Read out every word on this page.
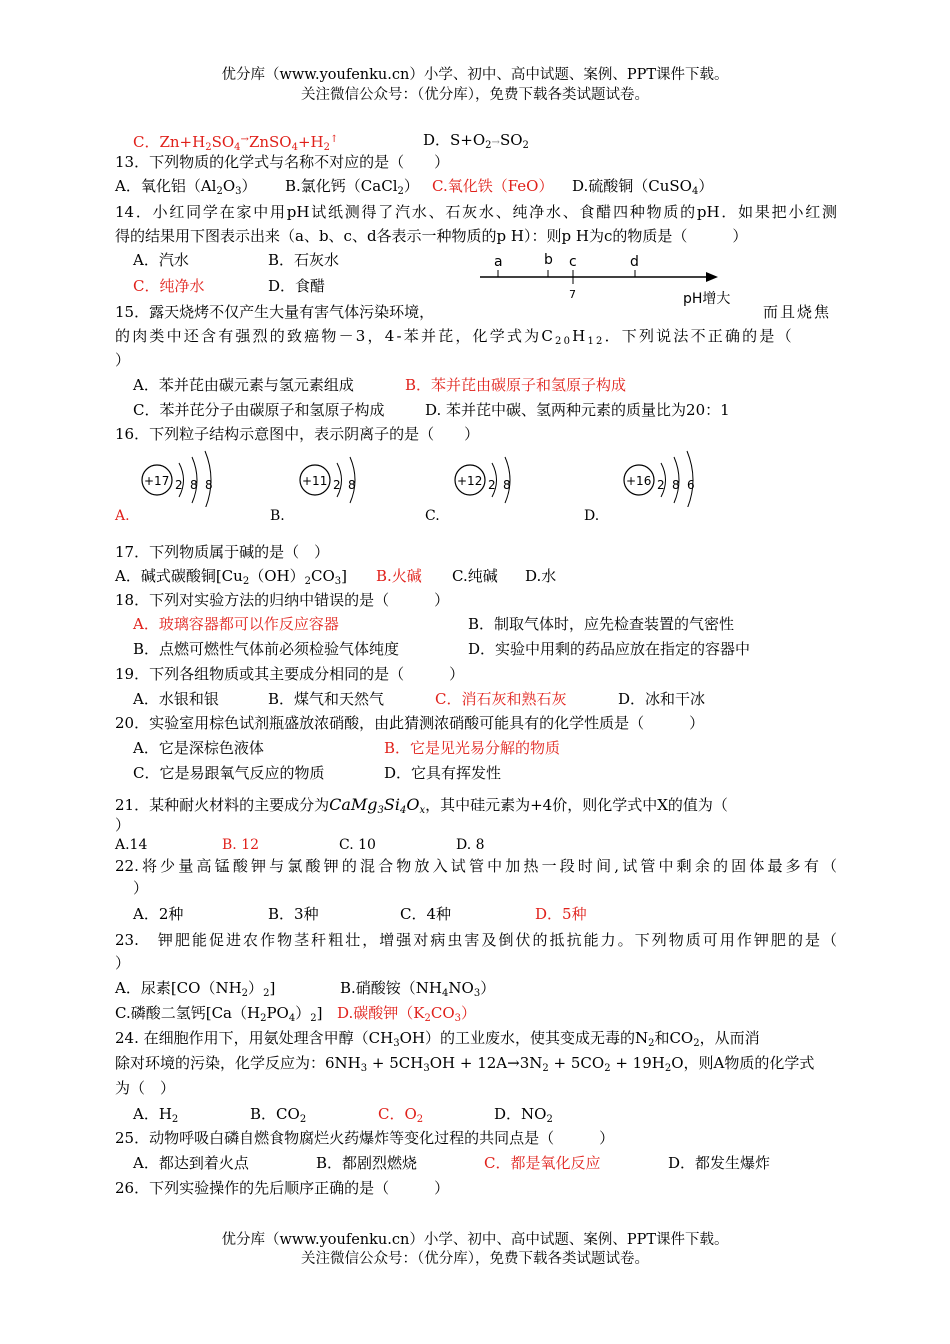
优分库（www.youfenku.cn）小学、初中、高中试题、案例、PPT课件下载。
关注微信公众号：（优分库），免费下载各类试题试卷。
C．$Zn+H_2SO_4^\to ZnSO_4+H_2^↑$	D．$S+O_2\to SO_2$
13．下列物质的化学式与名称不对应的是（　　）
A．氧化铝$(Al_2O_3)$ B.氯化钙（CaCl$_2$） C.氧化铁（FeO） D.硫酸铜（CuSO$_4$）
14．小红同学在家中用pH试纸测得了汽水、石灰水、纯净水、食醋四种物质的pH．如果把小红测
得的结果用下图表示出来（a、b、c、d各表示一种物质的p H）：则p H为c的物质是（　　　）
A．汽水	B．石灰水
C．纯净水	D．食醋
a	b c	d
7	pH增大
15．露天烧烤不仅产生大量有害气体污染环境，	而且烧焦
的肉类中还含有强烈的致癌物－3，4-苯并芘，化学式为$C_{20}H_{12}$．下列说法不正确的是（
）
A．苯并芘由碳元素与氢元素组成	B．苯并芘由碳原子和氢原子构成
C．苯并芘分子由碳原子和氢原子构成	D. 苯并芘中碳、氢两种元素的质量比为20：1
16．下列粒子结构示意图中，表示阴离子的是（　　）
+17 2 8 8	+11 2 8	+12 2 8	+16 2 8 6
A.	B.	C.	D.
17．下列物质属于碱的是（　）
A．碱式碳酸铜$[Cu_2(OH)_2CO_3]$ B.火碱 C.纯碱 D.水
18．下列对实验方法的归纳中错误的是（　　　）
A．玻璃容器都可以作反应容器	B．制取气体时，应先检查装置的气密性
B．点燃可燃性气体前必须检验气体纯度	D．实验中用剩的药品应放在指定的容器中
19．下列各组物质或其主要成分相同的是（　　　）
A．水银和银	B．煤气和天然气	C．消石灰和熟石灰	D．冰和干冰
20．实验室用棕色试剂瓶盛放浓硝酸，由此猜测浓硝酸可能具有的化学性质是（　　　）
A．它是深棕色液体	B．它是见光易分解的物质
C．它是易跟氧气反应的物质	D．它具有挥发性
21．某种耐火材料的主要成分为$CaMg_3Si_4O_x$，其中硅元素为+4价，则化学式中X的值为（
）
A.14	B. 12	C. 10	D. 8
22.将少量高锰酸钾与氯酸钾的混合物放入试管中加热一段时间,试管中剩余的固体最多有（
）
A．2种	B．3种	C．4种	D．5种
23.　钾肥能促进农作物茎秆粗壮，增强对病虫害及倒伏的抵抗能力。下列物质可用作钾肥的是（
）
A．尿素$[CO(NH_2)_2]$	B.硝酸铵$(NH_4NO_3)$
C.磷酸二氢钙$[Ca(H_2PO_4)_2]$ D.碳酸钾$(K_2CO_3)$
24. 在细胞作用下，用氨处理含甲醇$(CH_3OH)$的工业废水，使其变成无毒的$N_2$和$CO_2$，从而消
除对环境的污染，化学反应为：$6NH_3 + 5CH_3OH + 12A\to 3N_2 + 5CO_2 + 19H_2O$，则A物质的化学式
为（　）
A．$H_2$	B．$CO_2$	C．$O_2$	D．$NO_2$
25．动物呼吸白磷自燃食物腐烂火药爆炸等变化过程的共同点是（　　　）
A．都达到着火点	B．都剧烈燃烧	C．都是氧化反应	D．都发生爆炸
26．下列实验操作的先后顺序正确的是（　　　）
优分库（www.youfenku.cn）小学、初中、高中试题、案例、PPT课件下载。
关注微信公众号：（优分库），免费下载各类试题试卷。
